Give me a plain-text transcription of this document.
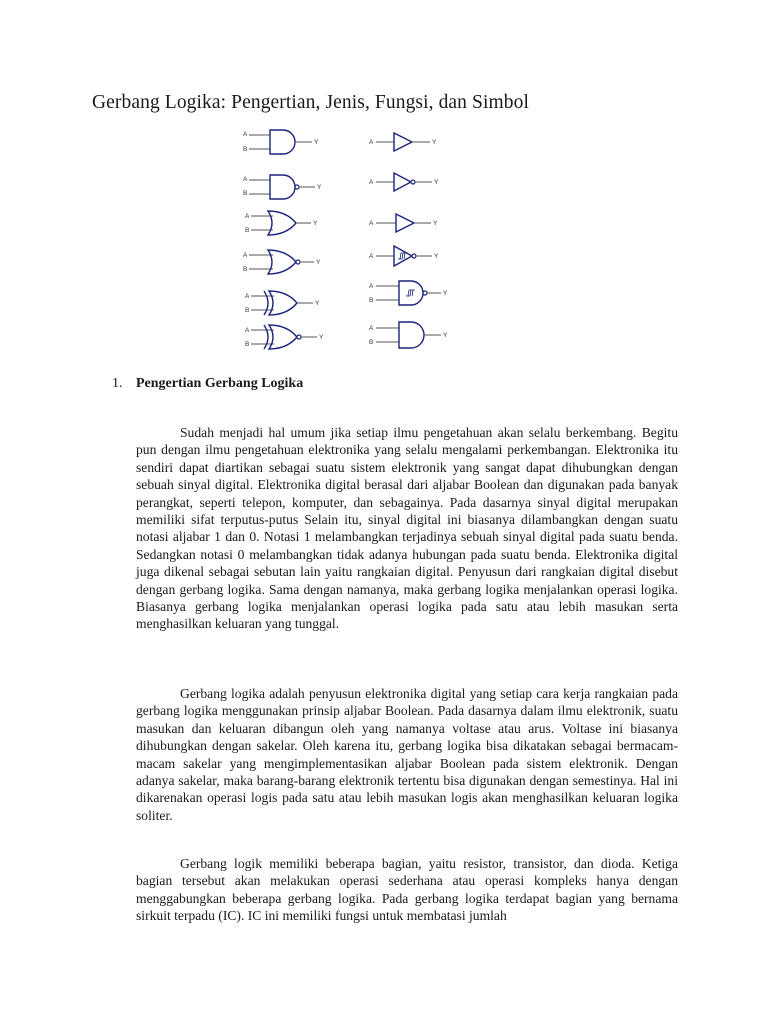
Gerbang Logika: Pengertian, Jenis, Fungsi, dan Simbol
A
B
Y
A
B
Y
A
B
Y
A
B
Y
A
B
Y
A
B
Y
A	Y
A	Y
A	Y
A	Y
A
B
Y
A
B
Y
1. Pengertian Gerbang Logika

Sudah menjadi hal umum jika setiap ilmu pengetahuan akan selalu berkembang. Begitu pun dengan ilmu pengetahuan elektronika yang selalu mengalami perkembangan. Elektronika itu sendiri dapat diartikan sebagai suatu sistem elektronik yang sangat dapat dihubungkan dengan sebuah sinyal digital. Elektronika digital berasal dari aljabar Boolean dan digunakan pada banyak perangkat, seperti telepon, komputer, dan sebagainya. Pada dasarnya sinyal digital merupakan memiliki sifat terputus-putus Selain itu, sinyal digital ini biasanya dilambangkan dengan suatu notasi aljabar 1 dan 0. Notasi 1 melambangkan terjadinya sebuah sinyal digital pada suatu benda. Sedangkan notasi 0 melambangkan tidak adanya hubungan pada suatu benda. Elektronika digital juga dikenal sebagai sebutan lain yaitu rangkaian digital. Penyusun dari rangkaian digital disebut dengan gerbang logika. Sama dengan namanya, maka gerbang logika menjalankan operasi logika. Biasanya gerbang logika menjalankan operasi logika pada satu atau lebih masukan serta menghasilkan keluaran yang tunggal.

Gerbang logika adalah penyusun elektronika digital yang setiap cara kerja rangkaian pada gerbang logika menggunakan prinsip aljabar Boolean. Pada dasarnya dalam ilmu elektronik, suatu masukan dan keluaran dibangun oleh yang namanya voltase atau arus. Voltase ini biasanya dihubungkan dengan sakelar. Oleh karena itu, gerbang logika bisa dikatakan sebagai bermacam-macam sakelar yang mengimplementasikan aljabar Boolean pada sistem elektronik. Dengan adanya sakelar, maka barang-barang elektronik tertentu bisa digunakan dengan semestinya. Hal ini dikarenakan operasi logis pada satu atau lebih masukan logis akan menghasilkan keluaran logika soliter.

Gerbang logik memiliki beberapa bagian, yaitu resistor, transistor, dan dioda. Ketiga bagian tersebut akan melakukan operasi sederhana atau operasi kompleks hanya dengan menggabungkan beberapa gerbang logika. Pada gerbang logika terdapat bagian yang bernama sirkuit terpadu (IC). IC ini memiliki fungsi untuk membatasi jumlah
